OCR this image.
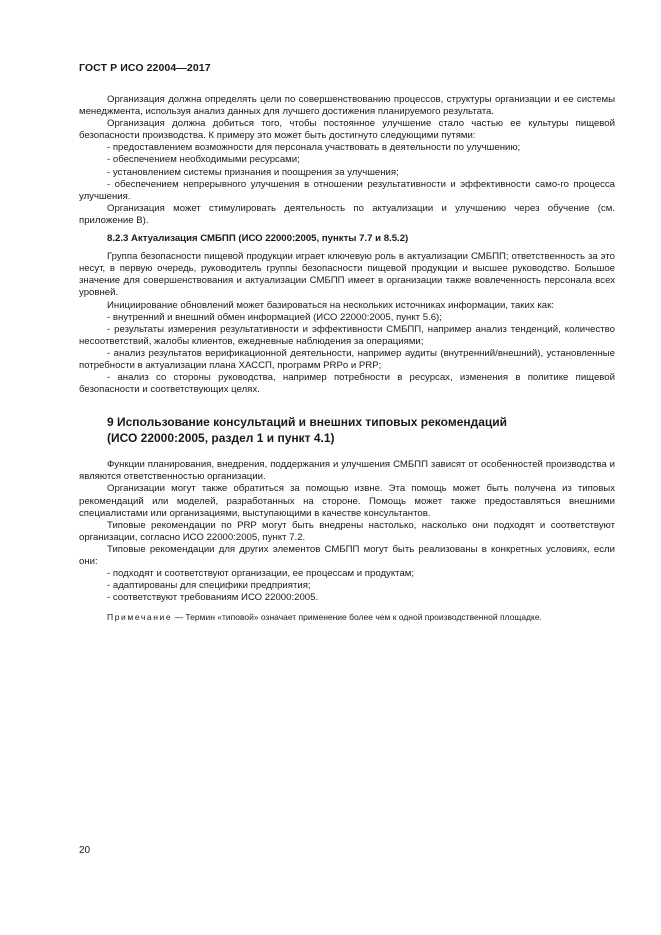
ГОСТ Р ИСО 22004—2017

Организация должна определять цели по совершенствованию процессов, структуры организации и ее системы менеджмента, используя анализ данных для лучшего достижения планируемого результата.

Организация должна добиться того, чтобы постоянное улучшение стало частью ее культуры пищевой безопасности производства. К примеру это может быть достигнуто следующими путями:

- предоставлением возможности для персонала участвовать в деятельности по улучшению;

- обеспечением необходимыми ресурсами;

- установлением системы признания и поощрения за улучшения;

- обеспечением непрерывного улучшения в отношении результативности и эффективности само-го процесса улучшения.

Организация может стимулировать деятельность по актуализации и улучшению через обучение (см. приложение В).

8.2.3 Актуализация СМБПП (ИСО 22000:2005, пункты 7.7 и 8.5.2)

Группа безопасности пищевой продукции играет ключевую роль в актуализации СМБПП; ответственность за это несут, в первую очередь, руководитель группы безопасности пищевой продукции и высшее руководство. Большое значение для совершенствования и актуализации СМБПП имеет в организации также вовлеченность персонала всех уровней.

Инициирование обновлений может базироваться на нескольких источниках информации, таких как:

- внутренний и внешний обмен информацией (ИСО 22000:2005, пункт 5.6);

- результаты измерения результативности и эффективности СМБПП, например анализ тенденций, количество несоответствий, жалобы клиентов, ежедневные наблюдения за операциями;

- анализ результатов верификационной деятельности, например аудиты (внутренний/внешний), установленные потребности в актуализации плана ХАССП, программ PRPо и PRP;

- анализ со стороны руководства, например потребности в ресурсах, изменения в политике пищевой безопасности и соответствующих целях.

9 Использование консультаций и внешних типовых рекомендаций
(ИСО 22000:2005, раздел 1 и пункт 4.1)

Функции планирования, внедрения, поддержания и улучшения СМБПП зависят от особенностей производства и являются ответственностью организации.

Организации могут также обратиться за помощью извне. Эта помощь может быть получена из типовых рекомендаций или моделей, разработанных на стороне. Помощь может также предоставляться внешними специалистами или организациями, выступающими в качестве консультантов.

Типовые рекомендации по PRP могут быть внедрены настолько, насколько они подходят и соответствуют организации, согласно ИСО 22000:2005, пункт 7.2.

Типовые рекомендации для других элементов СМБПП могут быть реализованы в конкретных условиях, если они:

- подходят и соответствуют организации, ее процессам и продуктам;

- адаптированы для специфики предприятия;

- соответствуют требованиям ИСО 22000:2005.

Примечание — Термин «типовой» означает применение более чем к одной производственной площадке.

20
